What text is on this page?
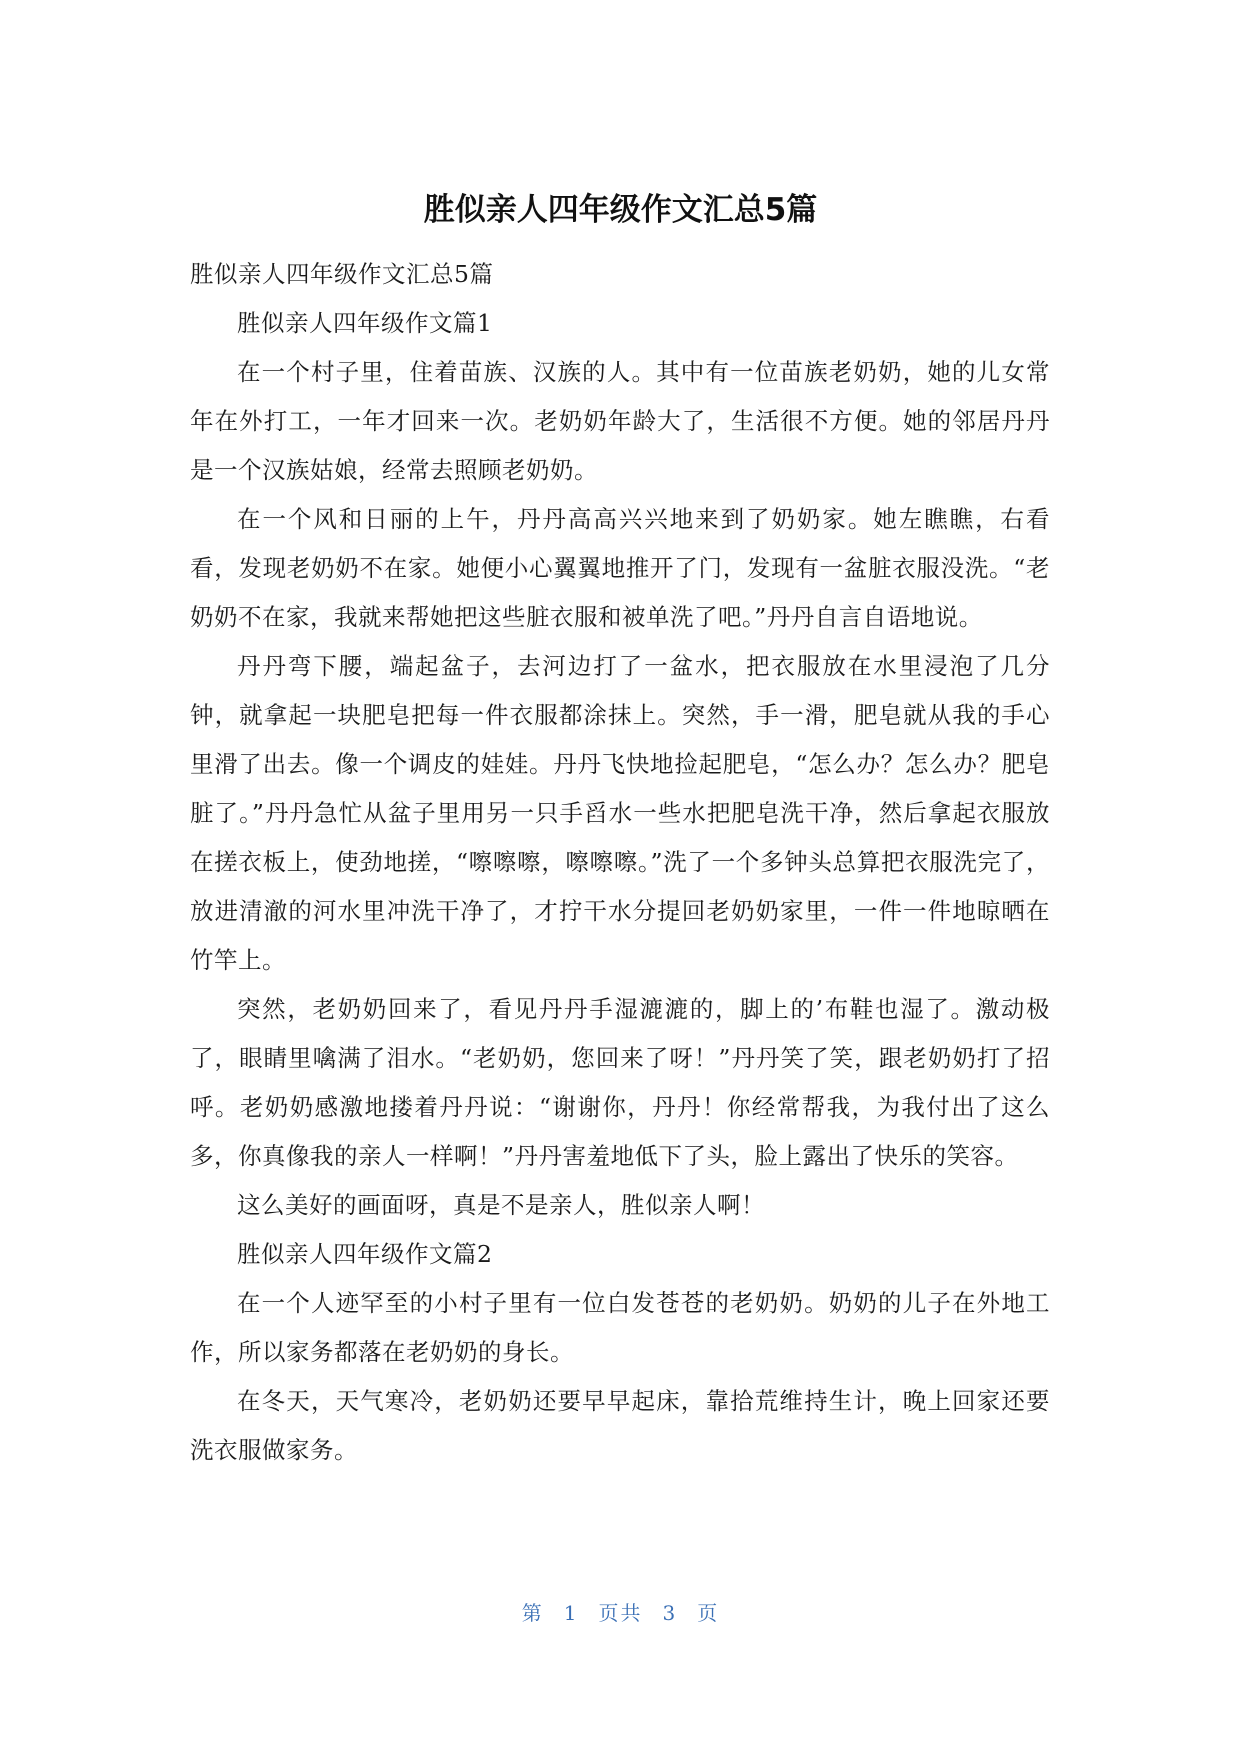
胜似亲人四年级作文汇总5篇

胜似亲人四年级作文汇总5篇

胜似亲人四年级作文篇1

在一个村子里，住着苗族、汉族的人。其中有一位苗族老奶奶，她的儿女常年在外打工，一年才回来一次。老奶奶年龄大了，生活很不方便。她的邻居丹丹是一个汉族姑娘，经常去照顾老奶奶。

在一个风和日丽的上午，丹丹高高兴兴地来到了奶奶家。她左瞧瞧，右看看，发现老奶奶不在家。她便小心翼翼地推开了门，发现有一盆脏衣服没洗。“老奶奶不在家，我就来帮她把这些脏衣服和被单洗了吧。”丹丹自言自语地说。

丹丹弯下腰，端起盆子，去河边打了一盆水，把衣服放在水里浸泡了几分钟，就拿起一块肥皂把每一件衣服都涂抹上。突然，手一滑，肥皂就从我的手心里滑了出去。像一个调皮的娃娃。丹丹飞快地捡起肥皂，“怎么办？怎么办？肥皂脏了。”丹丹急忙从盆子里用另一只手舀水一些水把肥皂洗干净，然后拿起衣服放在搓衣板上，使劲地搓，“嚓嚓嚓，嚓嚓嚓。”洗了一个多钟头总算把衣服洗完了，放进清澈的河水里冲洗干净了，才拧干水分提回老奶奶家里，一件一件地晾晒在竹竿上。

突然，老奶奶回来了，看见丹丹手湿漉漉的，脚上的’布鞋也湿了。激动极了，眼睛里噙满了泪水。“老奶奶，您回来了呀！”丹丹笑了笑，跟老奶奶打了招呼。老奶奶感激地搂着丹丹说：“谢谢你，丹丹！你经常帮我，为我付出了这么多，你真像我的亲人一样啊！”丹丹害羞地低下了头，脸上露出了快乐的笑容。

这么美好的画面呀，真是不是亲人，胜似亲人啊！

胜似亲人四年级作文篇2

在一个人迹罕至的小村子里有一位白发苍苍的老奶奶。奶奶的儿子在外地工作，所以家务都落在老奶奶的身长。

在冬天，天气寒冷，老奶奶还要早早起床，靠拾荒维持生计，晚上回家还要洗衣服做家务。

第 1 页共 3 页
